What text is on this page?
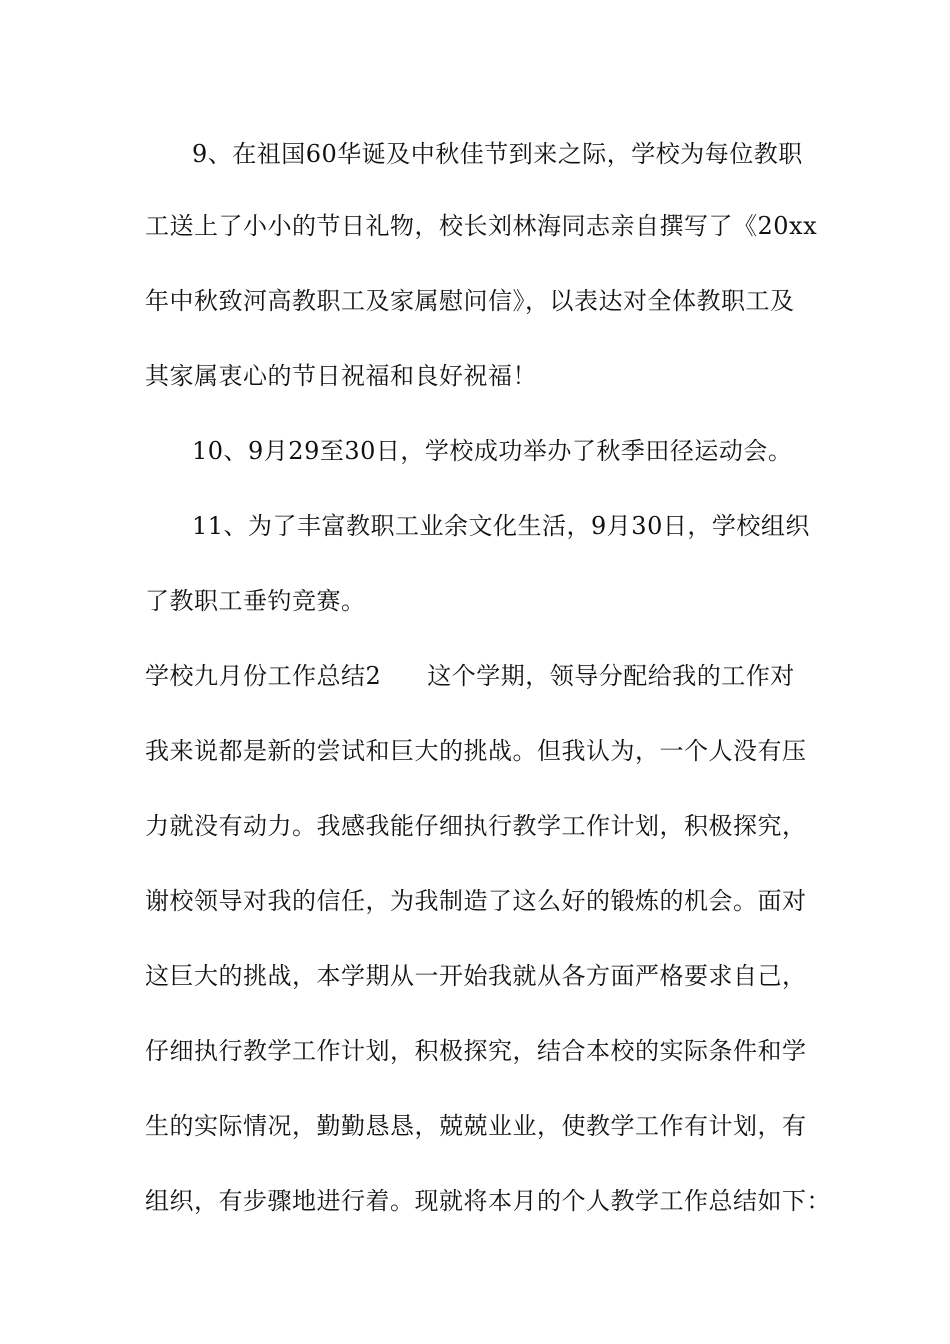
9、在祖国60华诞及中秋佳节到来之际，学校为每位教职
工送上了小小的节日礼物，校长刘林海同志亲自撰写了《20xx
年中秋致河高教职工及家属慰问信》，以表达对全体教职工及
其家属衷心的节日祝福和良好祝福！
10、9月29至30日，学校成功举办了秋季田径运动会。
11、为了丰富教职工业余文化生活，9月30日，学校组织
了教职工垂钓竞赛。
学校九月份工作总结2 这个学期，领导分配给我的工作对
我来说都是新的尝试和巨大的挑战。但我认为，一个人没有压
力就没有动力。我感我能仔细执行教学工作计划，积极探究，
谢校领导对我的信任，为我制造了这么好的锻炼的机会。面对
这巨大的挑战，本学期从一开始我就从各方面严格要求自己，
仔细执行教学工作计划，积极探究，结合本校的实际条件和学
生的实际情况，勤勤恳恳，兢兢业业，使教学工作有计划，有
组织，有步骤地进行着。现就将本月的个人教学工作总结如下：
